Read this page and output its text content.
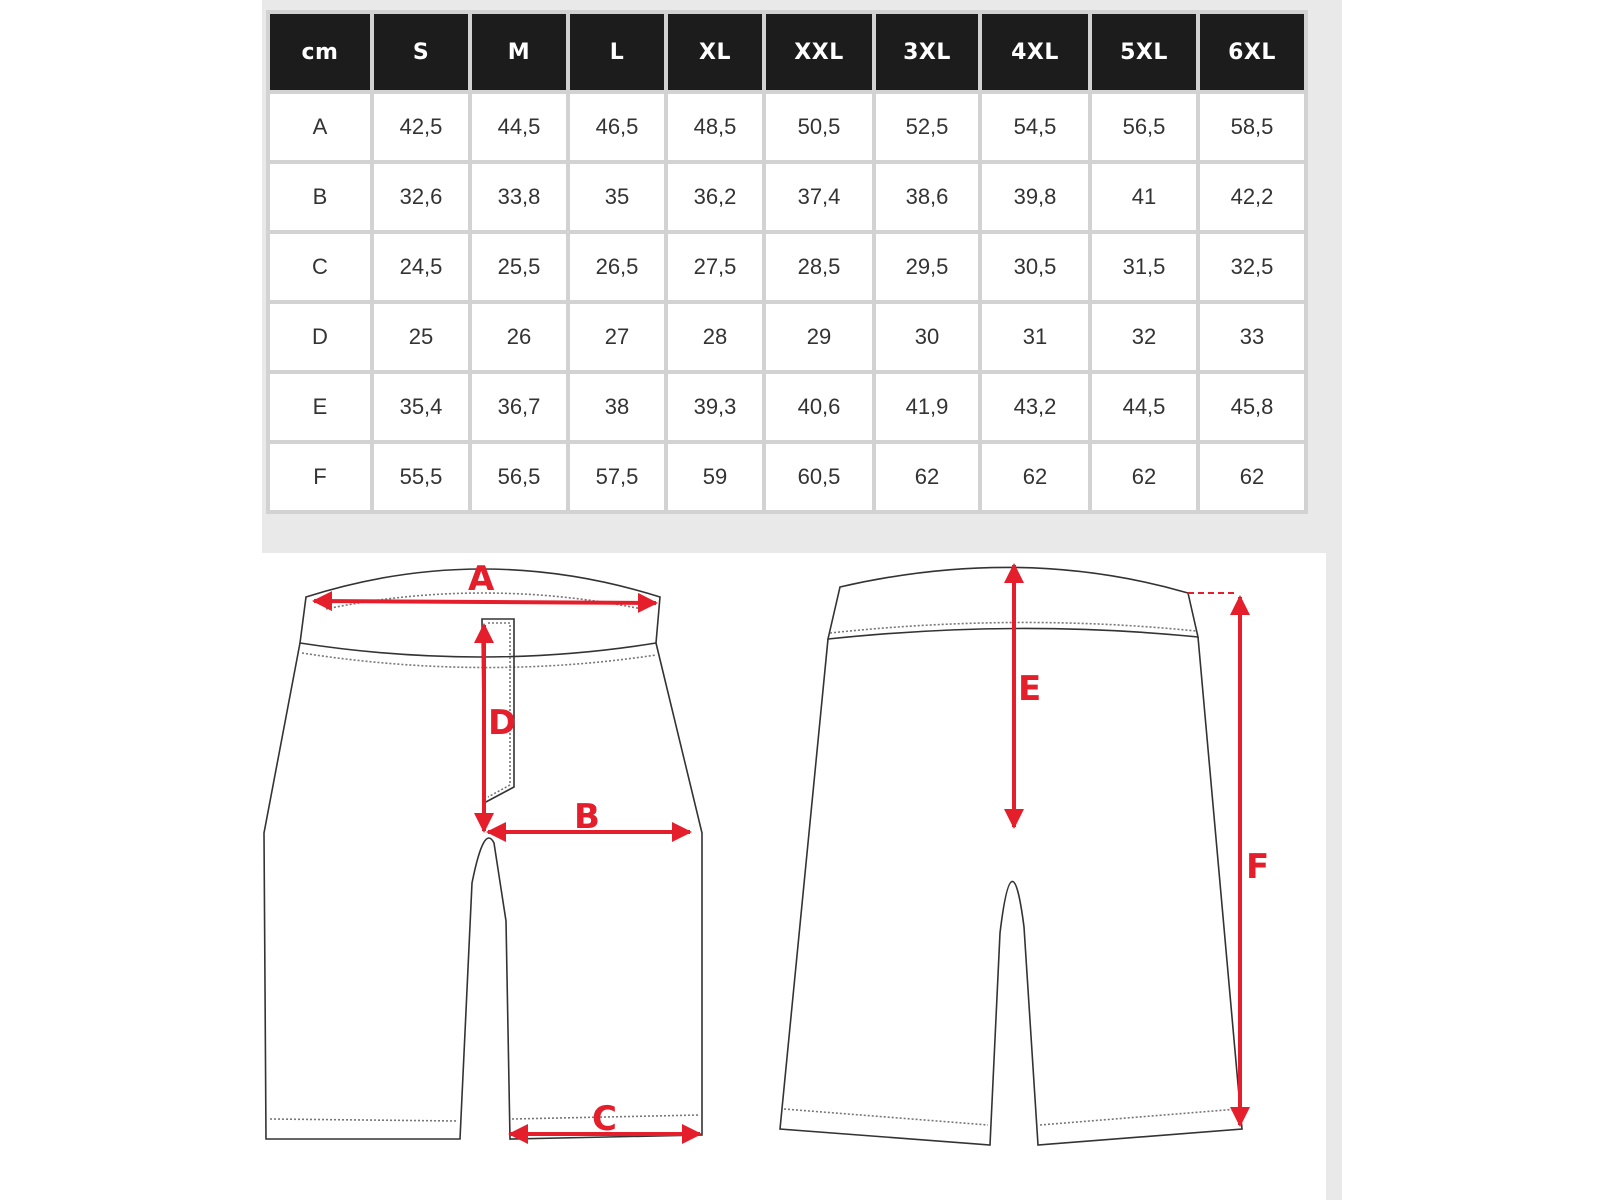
cm	S	M	L	XL	XXL	3XL	4XL	5XL	6XL
A	42,5	44,5	46,5	48,5	50,5	52,5	54,5	56,5	58,5
B	32,6	33,8	35	36,2	37,4	38,6	39,8	41	42,2
C	24,5	25,5	26,5	27,5	28,5	29,5	30,5	31,5	32,5
D	25	26	27	28	29	30	31	32	33
E	35,4	36,7	38	39,3	40,6	41,9	43,2	44,5	45,8
F	55,5	56,5	57,5	59	60,5	62	62	62	62
A
D
B
C
E
F
